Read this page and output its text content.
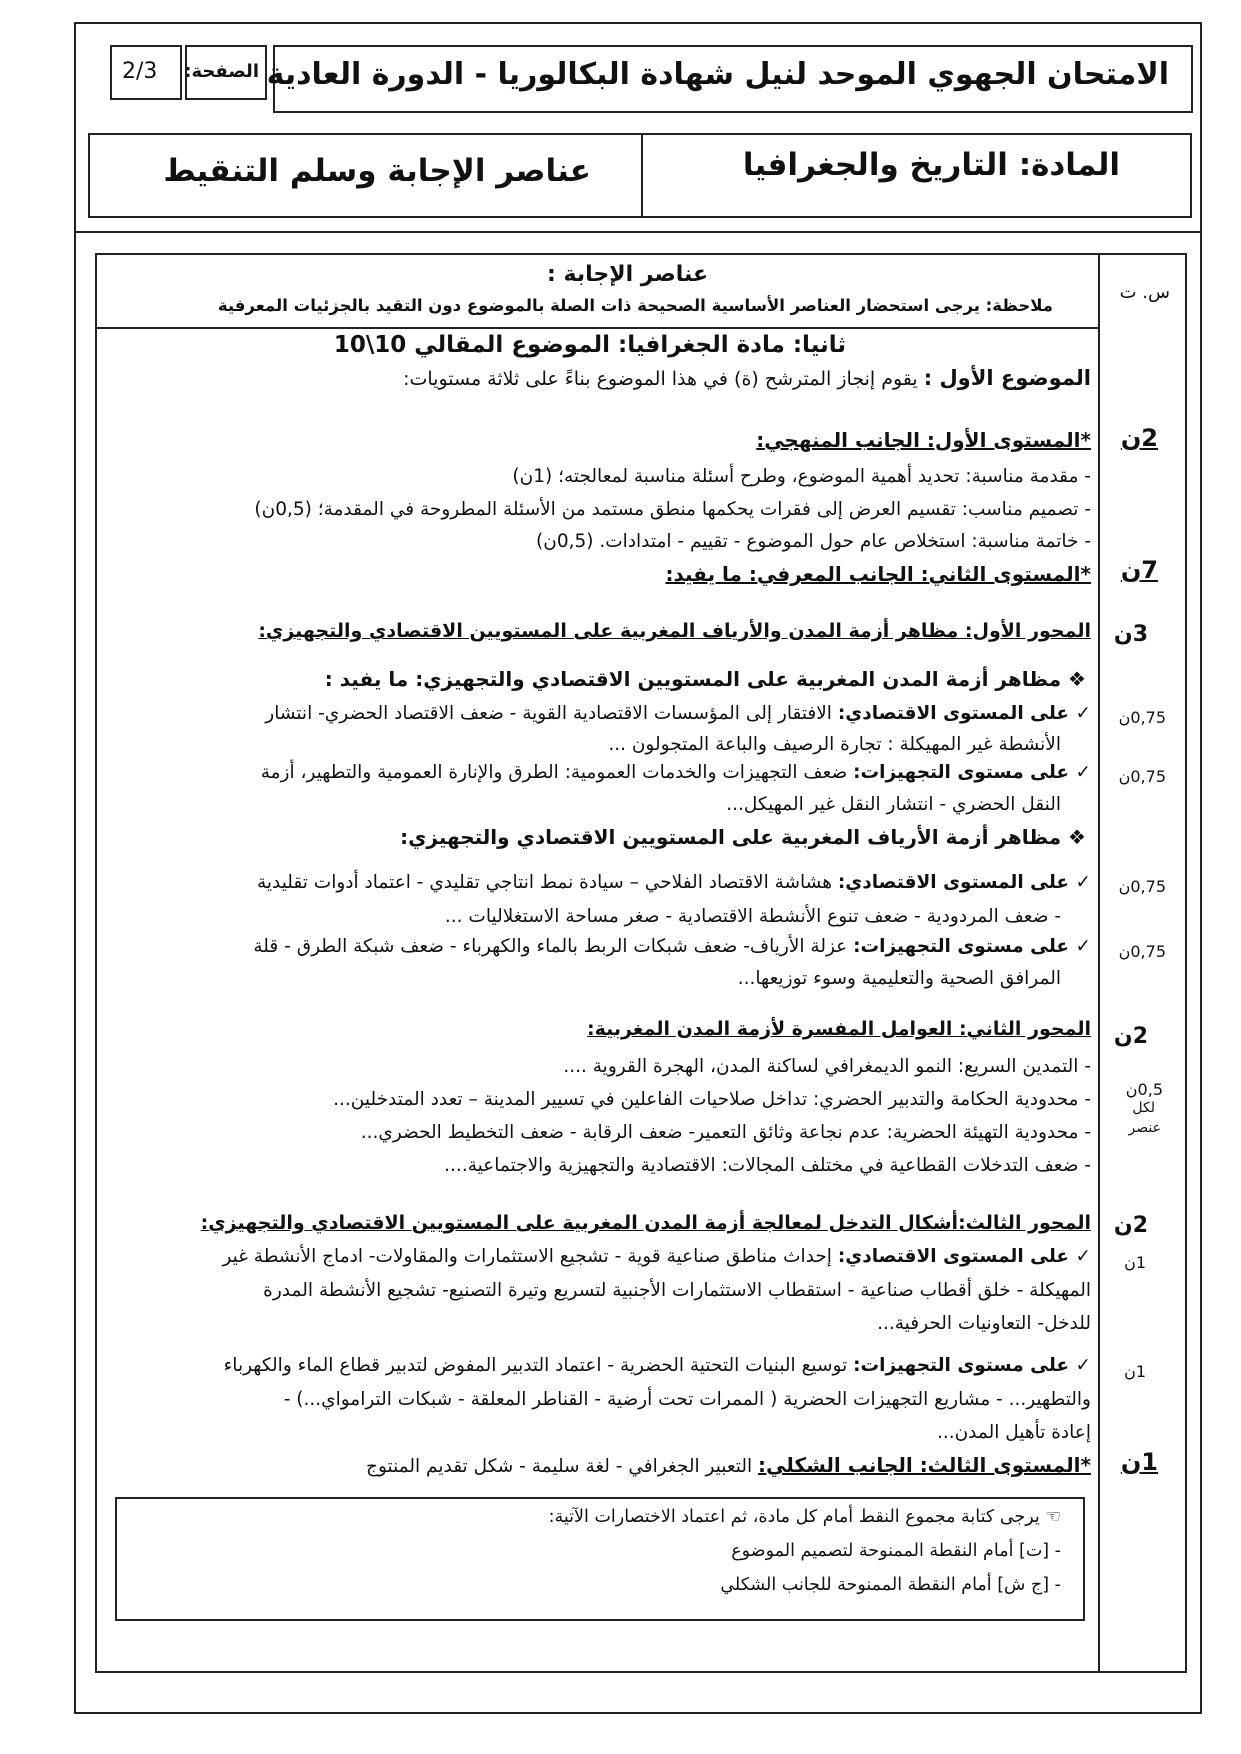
2/3 الصفحة: الامتحان الجهوي الموحد لنيل شهادة البكالوريا - الدورة العادية
عناصر الإجابة وسلم التنقيط	المادة: التاريخ والجغرافيا
س. ت
عناصر الإجابة :
ملاحظة: يرجى استحضار العناصر الأساسية الصحيحة ذات الصلة بالموضوع دون التقيد بالجزئيات المعرفية
ثانيا: مادة الجغرافيا: الموضوع المقالي 10\10
الموضوع الأول : يقوم إنجاز المترشح (ة) في هذا الموضوع بناءً على ثلاثة مستويات:
2ن
*المستوى الأول: الجانب المنهجي:
- مقدمة مناسبة: تحديد أهمية الموضوع، وطرح أسئلة مناسبة لمعالجته؛ (1ن)
- تصميم مناسب: تقسيم العرض إلى فقرات يحكمها منطق مستمد من الأسئلة المطروحة في المقدمة؛ (0,5ن)
- خاتمة مناسبة: استخلاص عام حول الموضوع - تقييم - امتدادات. (0,5ن)
7ن
*المستوى الثاني: الجانب المعرفي: ما يفيد:
3ن
المحور الأول: مظاهر أزمة المدن والأرياف المغربية على المستويين الاقتصادي والتجهيزي:
❖ مظاهر أزمة المدن المغربية على المستويين الاقتصادي والتجهيزي: ما يفيد :
0,75ن
✓ على المستوى الاقتصادي: الافتقار إلى المؤسسات الاقتصادية القوية - ضعف الاقتصاد الحضري- انتشار
الأنشطة غير المهيكلة : تجارة الرصيف والباعة المتجولون ...
0,75ن
✓ على مستوى التجهيزات: ضعف التجهيزات والخدمات العمومية: الطرق والإنارة العمومية والتطهير، أزمة
النقل الحضري - انتشار النقل غير المهيكل...
❖ مظاهر أزمة الأرياف المغربية على المستويين الاقتصادي والتجهيزي:
0,75ن
✓ على المستوى الاقتصادي: هشاشة الاقتصاد الفلاحي – سيادة نمط انتاجي تقليدي - اعتماد أدوات تقليدية
- ضعف المردودية - ضعف تنوع الأنشطة الاقتصادية - صغر مساحة الاستغلاليات ...
0,75ن
✓ على مستوى التجهيزات: عزلة الأرياف- ضعف شبكات الربط بالماء والكهرباء - ضعف شبكة الطرق - قلة
المرافق الصحية والتعليمية وسوء توزيعها...
2ن
المحور الثاني: العوامل المفسرة لأزمة المدن المغربية:
0,5ن
لكل
عنصر
- التمدين السريع: النمو الديمغرافي لساكنة المدن، الهجرة القروية ....
- محدودية الحكامة والتدبير الحضري: تداخل صلاحيات الفاعلين في تسيير المدينة – تعدد المتدخلين...
- محدودية التهيئة الحضرية: عدم نجاعة وثائق التعمير- ضعف الرقابة - ضعف التخطيط الحضري...
- ضعف التدخلات القطاعية في مختلف المجالات: الاقتصادية والتجهيزية والاجتماعية....
2ن
المحور الثالث:أشكال التدخل لمعالجة أزمة المدن المغربية على المستويين الاقتصادي والتجهيزي:
1ن
✓ على المستوى الاقتصادي: إحداث مناطق صناعية قوية - تشجيع الاستثمارات والمقاولات- ادماج الأنشطة غير
المهيكلة - خلق أقطاب صناعية - استقطاب الاستثمارات الأجنبية لتسريع وتيرة التصنيع- تشجيع الأنشطة المدرة
للدخل- التعاونيات الحرفية...
1ن
✓ على مستوى التجهيزات: توسيع البنيات التحتية الحضرية - اعتماد التدبير المفوض لتدبير قطاع الماء والكهرباء
والتطهير... - مشاريع التجهيزات الحضرية ( الممرات تحت أرضية - القناطر المعلقة - شبكات الترامواي...) -
إعادة تأهيل المدن...
1ن
*المستوى الثالث: الجانب الشكلي: التعبير الجغرافي - لغة سليمة - شكل تقديم المنتوج
☜ يرجى كتابة مجموع النقط أمام كل مادة، ثم اعتماد الاختصارات الآتية:
- [ت] أمام النقطة الممنوحة لتصميم الموضوع
- [ج ش] أمام النقطة الممنوحة للجانب الشكلي
